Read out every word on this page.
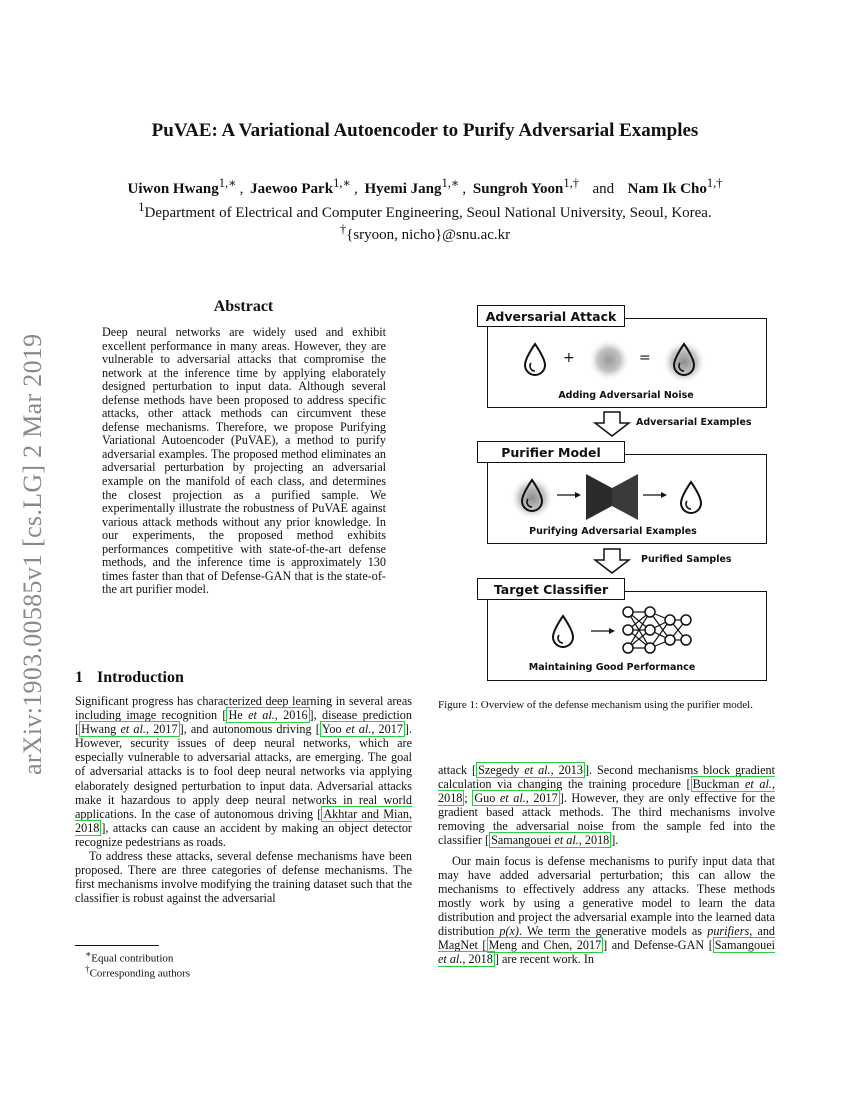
PuVAE: A Variational Autoencoder to Purify Adversarial Examples
Uiwon Hwang$^{1,∗}$ , Jaewoo Park$^{1,∗}$ , Hyemi Jang$^{1,∗}$ , Sungroh Yoon$^{1,\dagger}$ and Nam Ik Cho$^{1,\dagger}$
$^1$Department of Electrical and Computer Engineering, Seoul National University, Seoul, Korea.
†{sryoon, nicho}@snu.ac.kr
arXiv:1903.00585v1 [cs.LG] 2 Mar 2019
Abstract
Deep neural networks are widely used and exhibit excellent performance in many areas. However, they are vulnerable to adversarial attacks that compromise the network at the inference time by applying elaborately designed perturbation to input data. Although several defense methods have been proposed to address specific attacks, other attack methods can circumvent these defense mechanisms. Therefore, we propose Purifying Variational Autoencoder (PuVAE), a method to purify adversarial examples. The proposed method eliminates an adversarial perturbation by projecting an adversarial example on the manifold of each class, and determines the closest projection as a purified sample. We experimentally illustrate the robustness of PuVAE against various attack methods without any prior knowledge. In our experiments, the proposed method exhibits performances competitive with state-of-the-art defense methods, and the inference time is approximately 130 times faster than that of Defense-GAN that is the state-of-the art purifier model.
1 Introduction

Significant progress has characterized deep learning in several areas including image recognition [ He et al., 2016 ], disease prediction [ Hwang et al., 2017 ], and autonomous driving [ Yoo et al., 2017 ]. However, security issues of deep neural networks, which are especially vulnerable to adversarial attacks, are emerging. The goal of adversarial attacks is to fool deep neural networks via applying elaborately designed perturbation to input data. Adversarial attacks make it hazardous to apply deep neural networks in real world applications. In the case of autonomous driving [ Akhtar and Mian, 2018 ], attacks can cause an accident by making an object detector recognize pedestrians as roads.

To address these attacks, several defense mechanisms have been proposed. There are three categories of defense mechanisms. The first mechanisms involve modifying the training dataset such that the classifier is robust against the adversarial

∗Equal contribution
†Corresponding authors

attack [ Szegedy et al., 2013 ]. Second mechanisms block gradient calculation via changing the training procedure [ Buckman et al., 2018 ; Guo et al., 2017 ]. However, they are only effective for the gradient based attack methods. The third mechanisms involve removing the adversarial noise from the sample fed into the classifier [ Samangouei et al., 2018 ].

Our main focus is defense mechanisms to purify input data that may have added adversarial perturbation; this can allow the mechanisms to effectively address any attacks. These methods mostly work by using a generative model to learn the data distribution and project the adversarial example into the learned data distribution p(x). We term the generative models as purifiers, and MagNet [ Meng and Chen, 2017 ] and Defense-GAN [ Samangouei et al., 2018 ] are recent work. In

Figure 1: Overview of the defense mechanism using the purifier model.
Adversarial Attack
+	=
Adding Adversarial Noise
Adversarial Examples
Purifier Model
Purifying Adversarial Examples
Purified Samples
Target Classifier
Maintaining Good Performance
